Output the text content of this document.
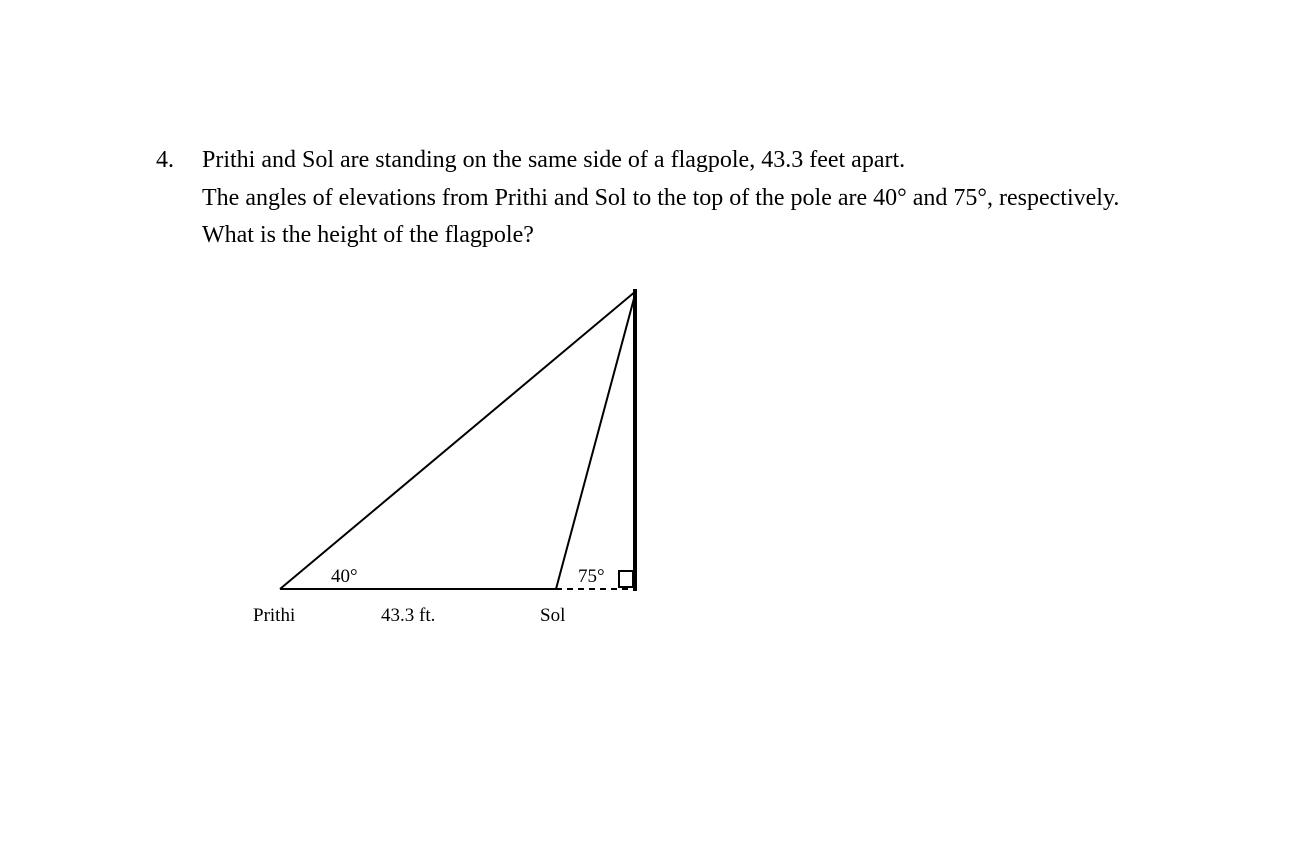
4. Prithi and Sol are standing on the same side of a flagpole, 43.3 feet apart.
The angles of elevations from Prithi and Sol to the top of the pole are 40° and 75°, respectively.
What is the height of the flagpole?
40°	75°
Prithi	43.3 ft.	Sol
